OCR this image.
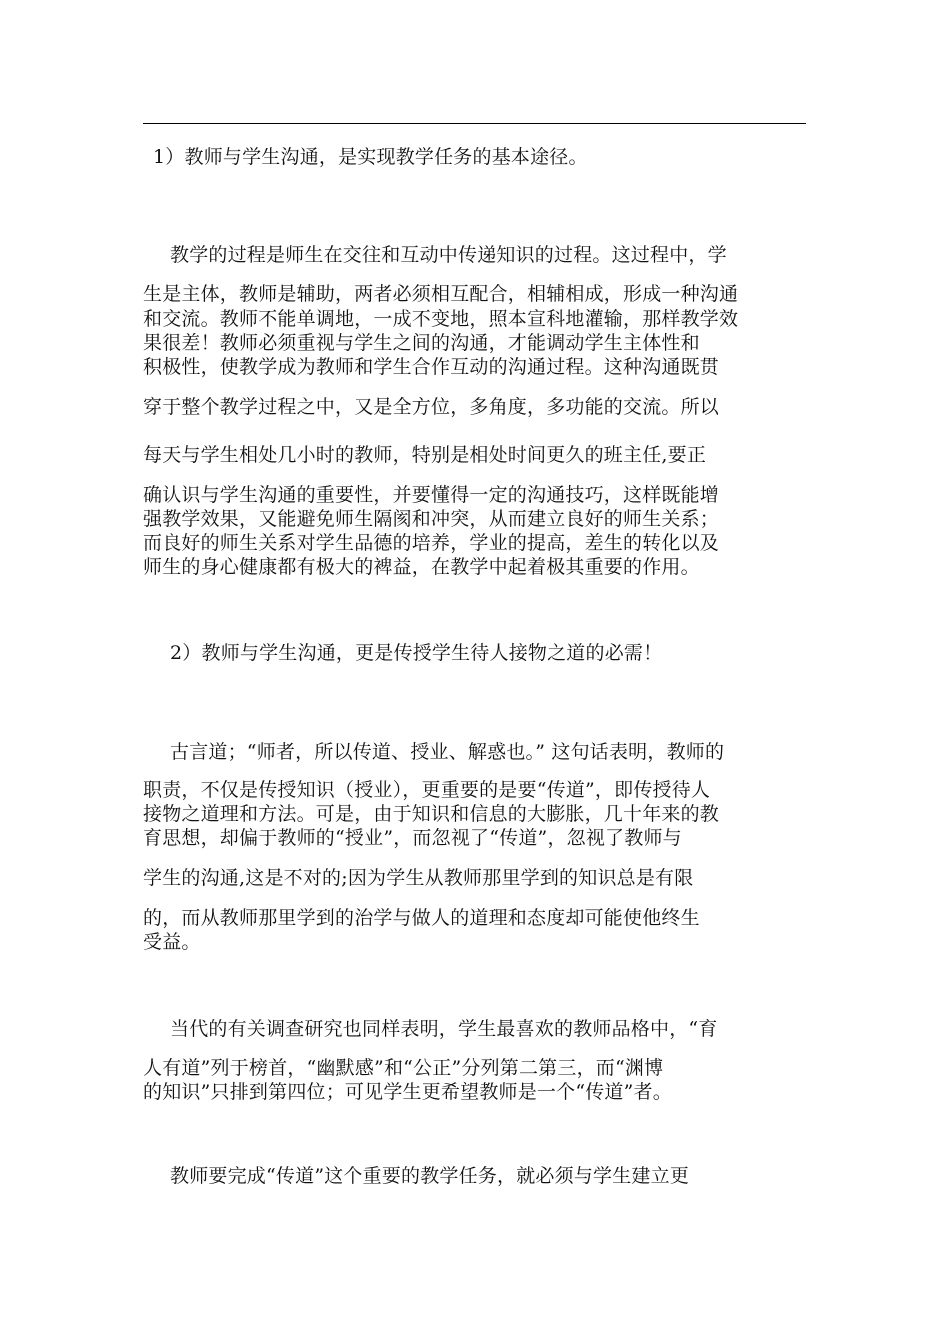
1）教师与学生沟通，是实现教学任务的基本途径。
教学的过程是师生在交往和互动中传递知识的过程。这过程中，学
生是主体，教师是辅助，两者必须相互配合，相辅相成，形成一种沟通
和交流。教师不能单调地，一成不变地，照本宣科地灌输，那样教学效
果很差！教师必须重视与学生之间的沟通，才能调动学生主体性和
积极性，使教学成为教师和学生合作互动的沟通过程。这种沟通既贯
穿于整个教学过程之中，又是全方位，多角度，多功能的交流。所以
每天与学生相处几小时的教师，特别是相处时间更久的班主任,要正
确认识与学生沟通的重要性，并要懂得一定的沟通技巧，这样既能增
强教学效果，又能避免师生隔阂和冲突，从而建立良好的师生关系；
而良好的师生关系对学生品德的培养，学业的提高，差生的转化以及
师生的身心健康都有极大的裨益，在教学中起着极其重要的作用。
2）教师与学生沟通，更是传授学生待人接物之道的必需！
古言道；“师者，所以传道、授业、解惑也。” 这句话表明，教师的
职责，不仅是传授知识（授业），更重要的是要“传道”，即传授待人
接物之道理和方法。可是，由于知识和信息的大膨胀，几十年来的教
育思想，却偏于教师的“授业”，而忽视了“传道”，忽视了教师与
学生的沟通,这是不对的;因为学生从教师那里学到的知识总是有限
的，而从教师那里学到的治学与做人的道理和态度却可能使他终生
受益。
当代的有关调查研究也同样表明，学生最喜欢的教师品格中，“育
人有道”列于榜首，“幽默感”和“公正”分列第二第三，而“渊博
的知识”只排到第四位；可见学生更希望教师是一个“传道”者。
教师要完成“传道”这个重要的教学任务，就必须与学生建立更
